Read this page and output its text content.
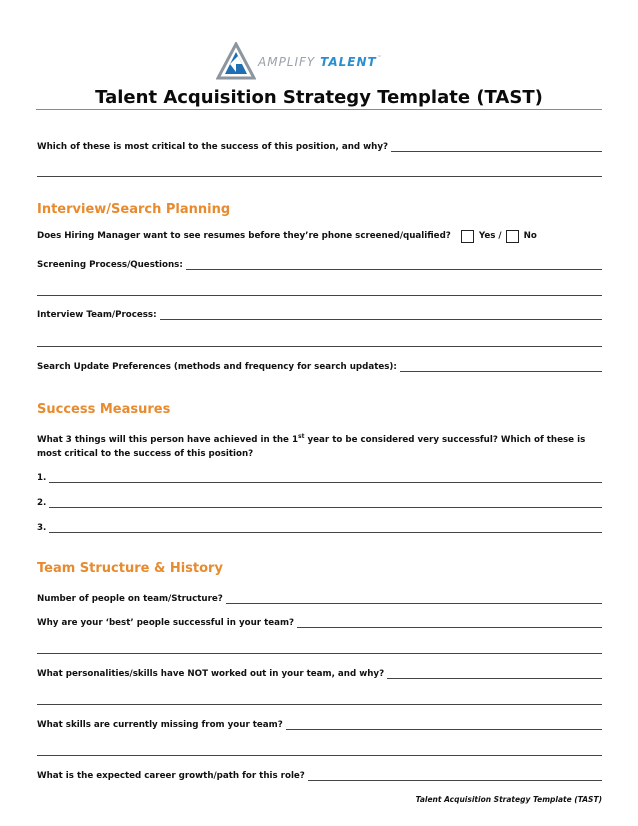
AMPLIFY TALENT™
Talent Acquisition Strategy Template (TAST)
Which of these is most critical to the success of this position, and why?
Interview/Search Planning
Does Hiring Manager want to see resumes before they’re phone screened/qualified?	Yes /	No
Screening Process/Questions:
Interview Team/Process:
Search Update Preferences (methods and frequency for search updates):
Success Measures
What 3 things will this person have achieved in the 1st year to be considered very successful? Which of these is most critical to the success of this position?
1.
2.
3.
Team Structure & History
Number of people on team/Structure?
Why are your ‘best’ people successful in your team?
What personalities/skills have NOT worked out in your team, and why?
What skills are currently missing from your team?
What is the expected career growth/path for this role?
Talent Acquisition Strategy Template (TAST)
